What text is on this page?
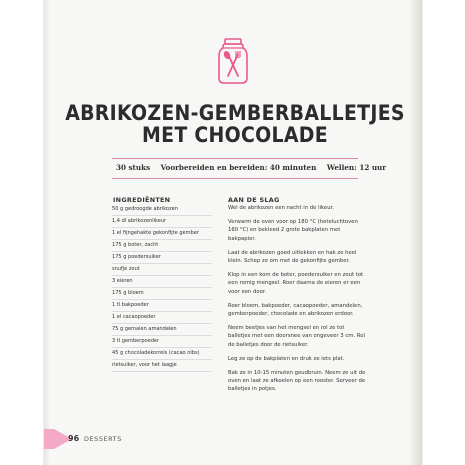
ABRIKOZEN-GEMBERBALLETJES
MET CHOCOLADE
30 stuks Voorbereiden en bereiden: 40 minuten Wellen: 12 uur
INGREDIËNTEN
50 g gedroogde abrikozen
1,4 dl abrikozenlikeur
1 el fijngehakte gekonfijte gember
175 g boter, zacht
175 g poedersuiker
snufje zout
3 eieren
175 g bloem
1 tl bakpoeder
1 el cacaopoeder
75 g gemalen amandelen
3 tl gemberpoeder
45 g chocoladekorrels (cacao nibs)
rietsuiker, voor het laagje
AAN DE SLAG

Wel de abrikozen een nacht in de likeur.

Verwarm de oven voor op 180 °C (heteluchtoven 160 °C) en bekleed 2 grote bakplaten met bakpapier.

Laat de abrikozen goed uitlekken en hak ze heel klein. Schep ze om met de gekonfijte gember.

Klop in een kom de boter, poedersuiker en zout tot een romig mengsel. Roer daarna de eieren er een voor een door.

Roer bloem, bakpoeder, cacaopoeder, amandelen, gemberpoeder, chocolade en abrikozen erdoor.

Neem beetjes van het mengsel en rol ze tot balletjes met een doorsnee van ongeveer 3 cm. Rol de balletjes door de rietsuiker.

Leg ze op de bakplaten en druk ze iets plat.

Bak ze in 10-15 minuten goudbruin. Neem ze uit de oven en laat ze afkoelen op een rooster. Serveer de balletjes in potjes.

96 DESSERTS
